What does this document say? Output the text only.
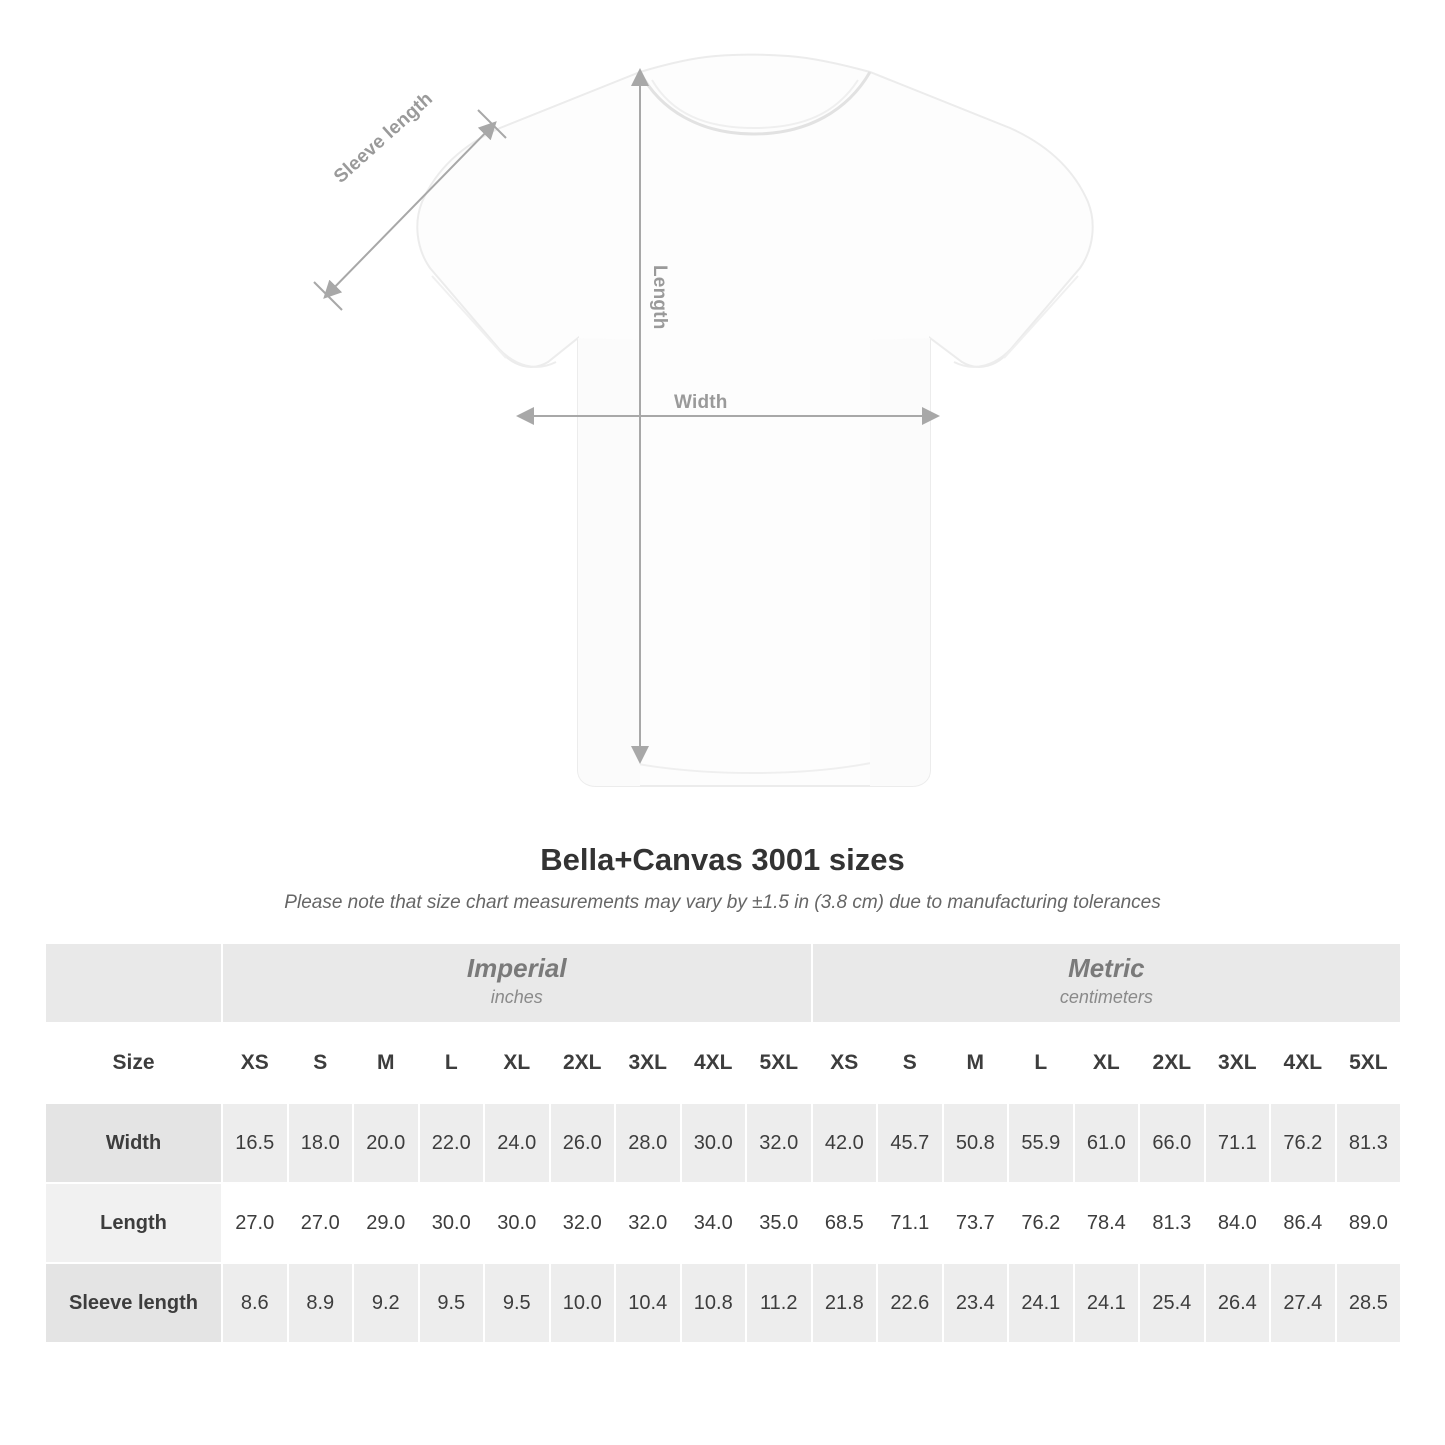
Length
Width
Sleeve length
Bella+Canvas 3001 sizes

Please note that size chart measurements may vary by ±1.5 in (3.8 cm) due to manufacturing tolerances

Imperial
inches

Metric
centimeters

Size	XS	S	M	L	XL	2XL	3XL	4XL	5XL	XS	S	M	L	XL	2XL	3XL	4XL	5XL
Width	16.5	18.0	20.0	22.0	24.0	26.0	28.0	30.0	32.0	42.0	45.7	50.8	55.9	61.0	66.0	71.1	76.2	81.3
Length	27.0	27.0	29.0	30.0	30.0	32.0	32.0	34.0	35.0	68.5	71.1	73.7	76.2	78.4	81.3	84.0	86.4	89.0
Sleeve length	8.6	8.9	9.2	9.5	9.5	10.0	10.4	10.8	11.2	21.8	22.6	23.4	24.1	24.1	25.4	26.4	27.4	28.5
